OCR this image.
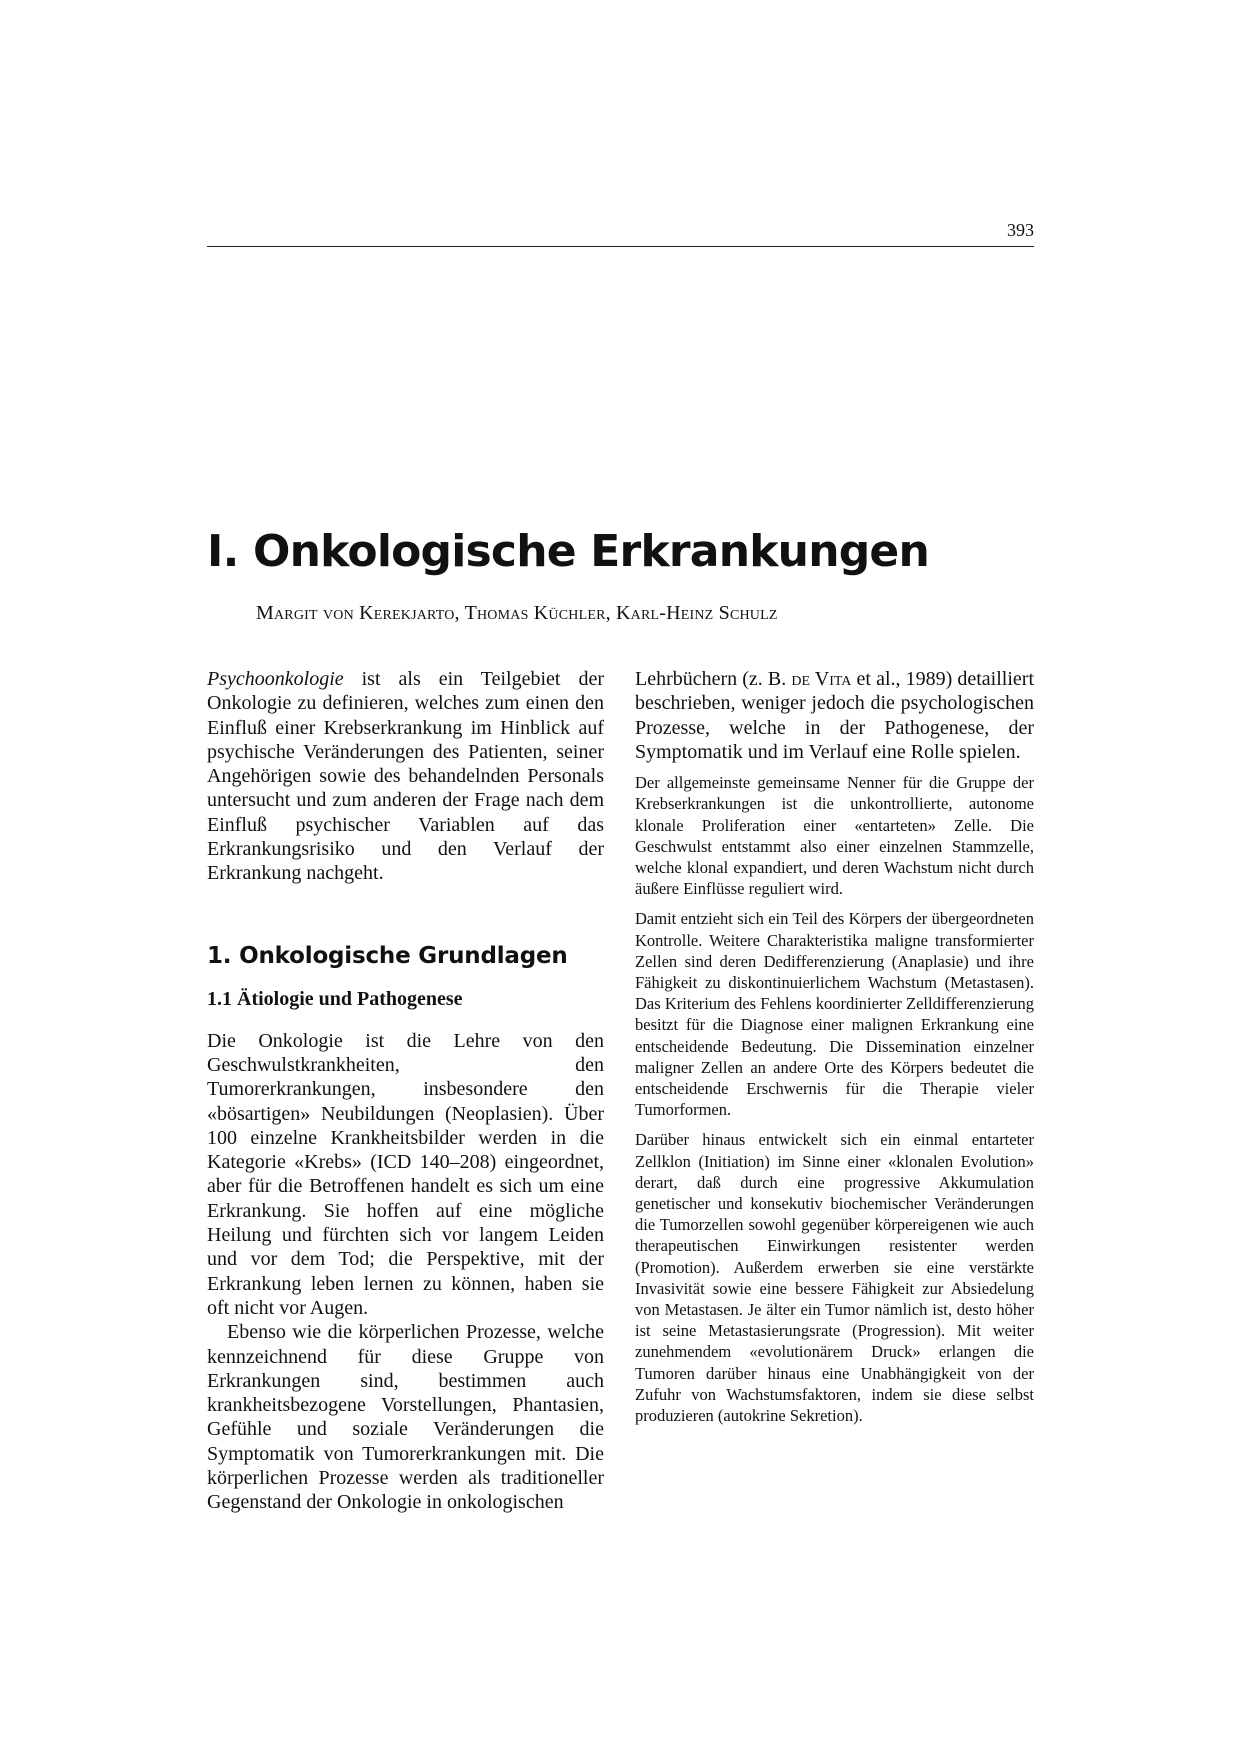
393
I. Onkologische Erkrankungen

Margit von Kerekjarto, Thomas Küchler, Karl-Heinz Schulz

Psychoonkologie ist als ein Teilgebiet der Onkologie zu definieren, welches zum einen den Einfluß einer Krebserkrankung im Hinblick auf psychische Veränderungen des Patienten, seiner Angehörigen sowie des behandelnden Personals untersucht und zum anderen der Frage nach dem Einfluß psychischer Variablen auf das Erkrankungsrisiko und den Verlauf der Erkrankung nachgeht.

1. Onkologische Grundlagen
1.1 Ätiologie und Pathogenese

Die Onkologie ist die Lehre von den Geschwulstkrankheiten, den Tumorerkrankungen, insbesondere den «bösartigen» Neubildungen (Neoplasien). Über 100 einzelne Krankheitsbilder werden in die Kategorie «Krebs» (ICD 140–208) eingeordnet, aber für die Betroffenen handelt es sich um eine Erkrankung. Sie hoffen auf eine mögliche Heilung und fürchten sich vor langem Leiden und vor dem Tod; die Perspektive, mit der Erkrankung leben lernen zu können, haben sie oft nicht vor Augen.

Ebenso wie die körperlichen Prozesse, welche kennzeichnend für diese Gruppe von Erkrankungen sind, bestimmen auch krankheitsbezogene Vorstellungen, Phantasien, Gefühle und soziale Veränderungen die Symptomatik von Tumorerkrankungen mit. Die körperlichen Prozesse werden als traditioneller Gegenstand der Onkologie in onkologischen

Lehrbüchern (z. B. de Vita et al., 1989) detailliert beschrieben, weniger jedoch die psychologischen Prozesse, welche in der Pathogenese, der Symptomatik und im Verlauf eine Rolle spielen.

Der allgemeinste gemeinsame Nenner für die Gruppe der Krebserkrankungen ist die unkontrollierte, autonome klonale Proliferation einer «entarteten» Zelle. Die Geschwulst entstammt also einer einzelnen Stammzelle, welche klonal expandiert, und deren Wachstum nicht durch äußere Einflüsse reguliert wird.

Damit entzieht sich ein Teil des Körpers der übergeordneten Kontrolle. Weitere Charakteristika maligne transformierter Zellen sind deren Dedifferenzierung (Anaplasie) und ihre Fähigkeit zu diskontinuierlichem Wachstum (Metastasen). Das Kriterium des Fehlens koordinierter Zelldifferenzierung besitzt für die Diagnose einer malignen Erkrankung eine entscheidende Bedeutung. Die Dissemination einzelner maligner Zellen an andere Orte des Körpers bedeutet die entscheidende Erschwernis für die Therapie vieler Tumorformen.

Darüber hinaus entwickelt sich ein einmal entarteter Zellklon (Initiation) im Sinne einer «klonalen Evolution» derart, daß durch eine progressive Akkumulation genetischer und konsekutiv biochemischer Veränderungen die Tumorzellen sowohl gegenüber körpereigenen wie auch therapeutischen Einwirkungen resistenter werden (Promotion). Außerdem erwerben sie eine verstärkte Invasivität sowie eine bessere Fähigkeit zur Absiedelung von Metastasen. Je älter ein Tumor nämlich ist, desto höher ist seine Metastasierungsrate (Progression). Mit weiter zunehmendem «evolutionärem Druck» erlangen die Tumoren darüber hinaus eine Unabhängigkeit von der Zufuhr von Wachstumsfaktoren, indem sie diese selbst produzieren (autokrine Sekretion).
